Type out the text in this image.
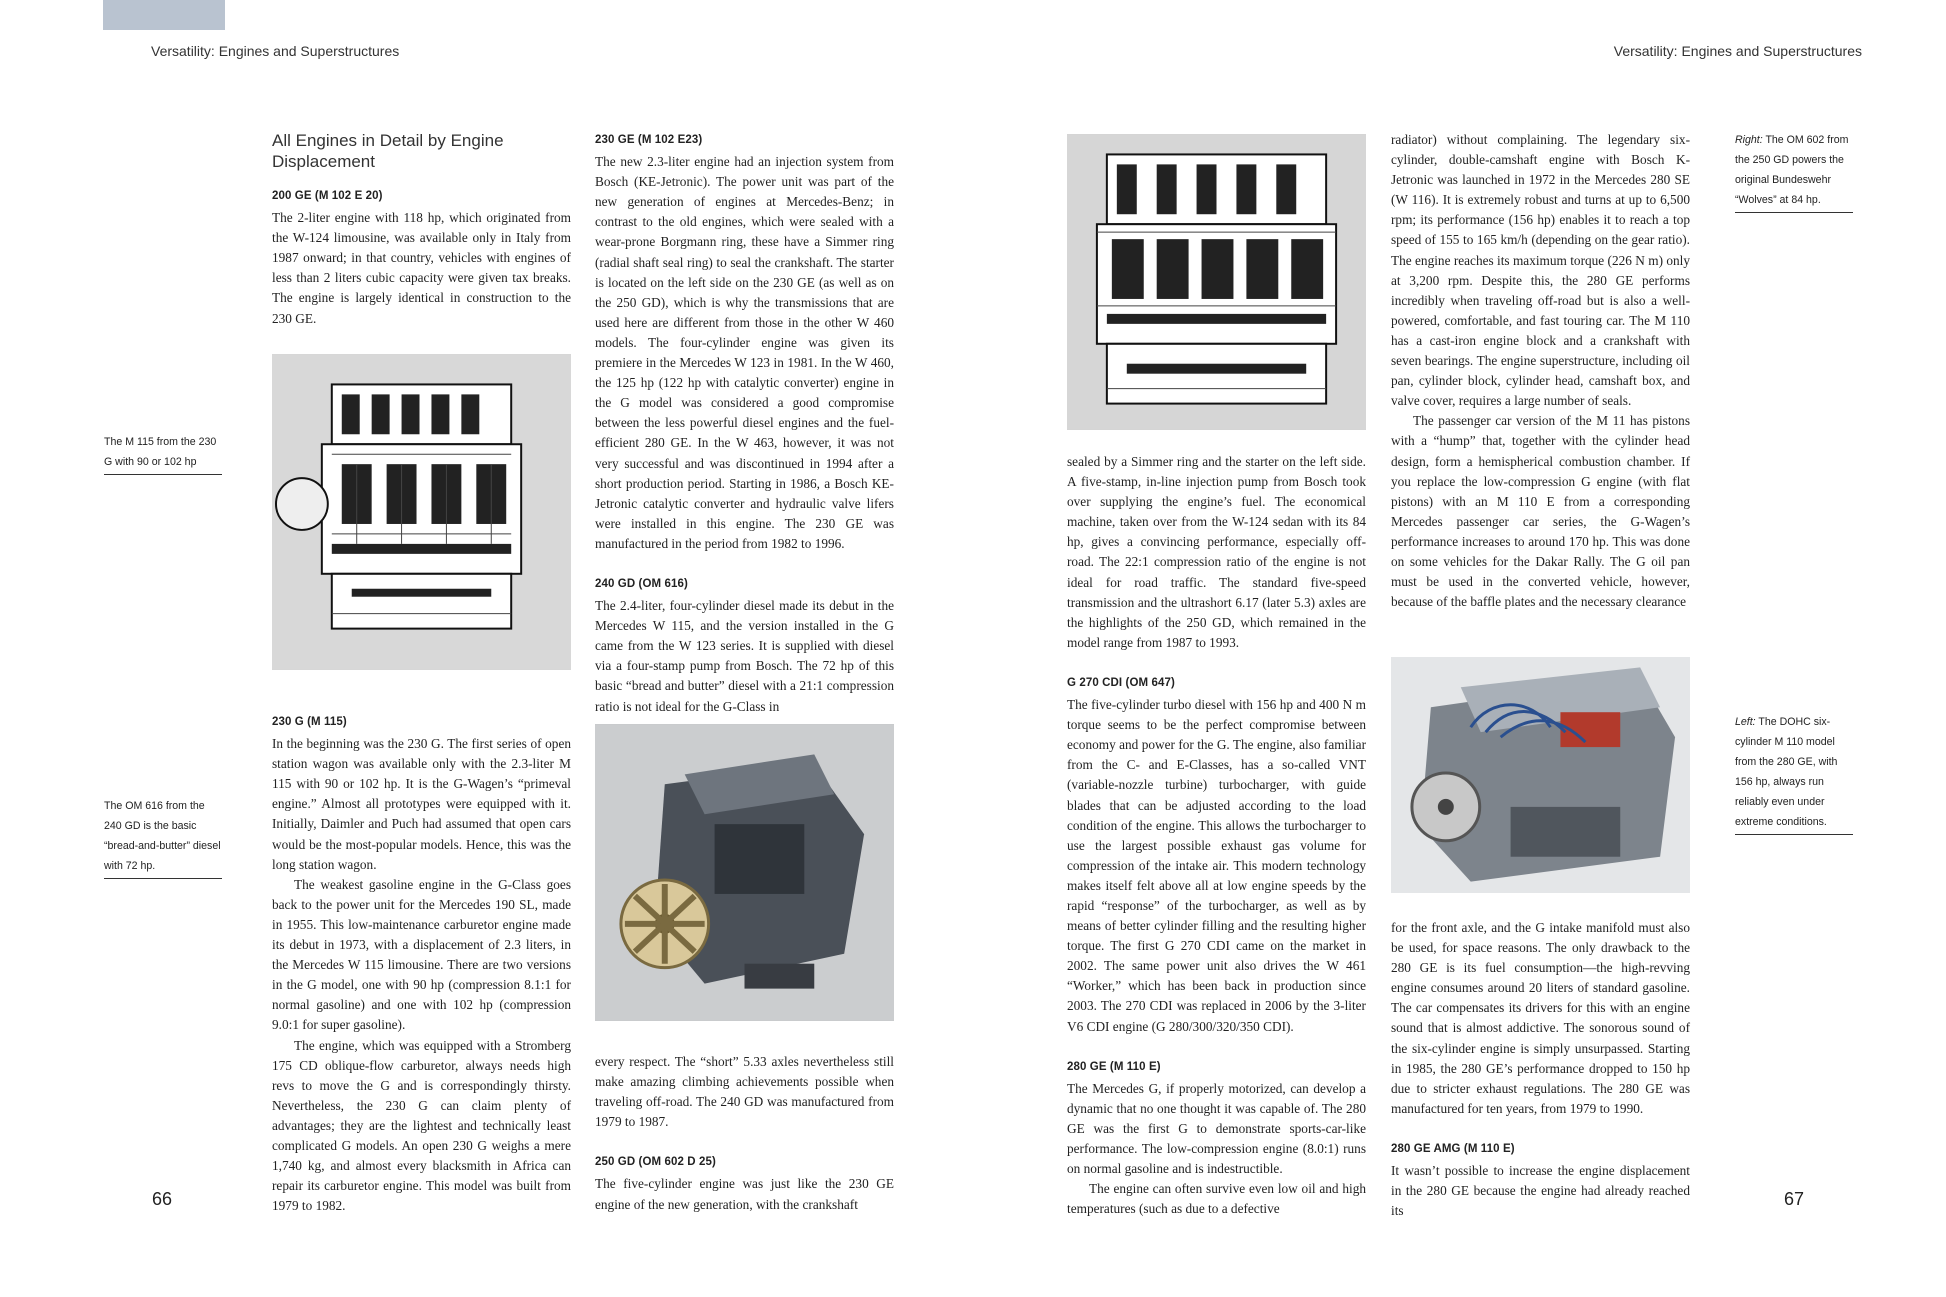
Versatility: Engines and Superstructures	Versatility: Engines and Superstructures
66	67
The M 115 from the 230 G with 90 or 102 hp
The OM 616 from the 240 GD is the basic “bread-and-butter” diesel with 72 hp.
Right: The OM 602 from the 250 GD powers the original Bundeswehr “Wolves” at 84 hp.
Left: The DOHC six-cylinder M 110 model from the 280 GE, with 156 hp, always run reliably even under extreme conditions.
All Engines in Detail by Engine Displacement
200 GE (M 102 E 20)

The 2-liter engine with 118 hp, which originated from the W-124 limousine, was available only in Italy from 1987 onward; in that country, vehicles with engines of less than 2 liters cubic capacity were given tax breaks. The engine is largely identical in construction to the 230 GE.

230 G (M 115)

In the beginning was the 230 G. The first series of open station wagon was available only with the 2.3-liter M 115 with 90 or 102 hp. It is the G-Wagen’s “primeval engine.” Almost all prototypes were equipped with it. Initially, Daimler and Puch had assumed that open cars would be the most-popular models. Hence, this was the long station wagon.

The weakest gasoline engine in the G-Class goes back to the power unit for the Mercedes 190 SL, made in 1955. This low-maintenance carburetor engine made its debut in 1973, with a displacement of 2.3 liters, in the Mercedes W 115 limousine. There are two versions in the G model, one with 90 hp (compression 8.1:1 for normal gasoline) and one with 102 hp (compression 9.0:1 for super gasoline).

The engine, which was equipped with a Stromberg 175 CD oblique-flow carburetor, always needs high revs to move the G and is correspondingly thirsty. Nevertheless, the 230 G can claim plenty of advantages; they are the lightest and technically least complicated G models. An open 230 G weighs a mere 1,740 kg, and almost every blacksmith in Africa can repair its carburetor engine. This model was built from 1979 to 1982.

230 GE (M 102 E23)

The new 2.3-liter engine had an injection system from Bosch (KE-Jetronic). The power unit was part of the new generation of engines at Mercedes-Benz; in contrast to the old engines, which were sealed with a wear-prone Borgmann ring, these have a Simmer ring (radial shaft seal ring) to seal the crankshaft. The starter is located on the left side on the 230 GE (as well as on the 250 GD), which is why the transmissions that are used here are different from those in the other W 460 models. The four-cylinder engine was given its premiere in the Mercedes W 123 in 1981. In the W 460, the 125 hp (122 hp with catalytic converter) engine in the G model was considered a good compromise between the less powerful diesel engines and the fuel-efficient 280 GE. In the W 463, however, it was not very successful and was discontinued in 1994 after a short production period. Starting in 1986, a Bosch KE-Jetronic catalytic converter and hydraulic valve lifers were installed in this engine. The 230 GE was manufactured in the period from 1982 to 1996.

240 GD (OM 616)

The 2.4-liter, four-cylinder diesel made its debut in the Mercedes W 115, and the version installed in the G came from the W 123 series. It is supplied with diesel via a four-stamp pump from Bosch. The 72 hp of this basic “bread and butter” diesel with a 21:1 compression ratio is not ideal for the G-Class in

every respect. The “short” 5.33 axles nevertheless still make amazing climbing achievements possible when traveling off-road. The 240 GD was manufactured from 1979 to 1987.

250 GD (OM 602 D 25)

The five-cylinder engine was just like the 230 GE engine of the new generation, with the crankshaft

sealed by a Simmer ring and the starter on the left side. A five-stamp, in-line injection pump from Bosch took over supplying the engine’s fuel. The economical machine, taken over from the W-124 sedan with its 84 hp, gives a convincing performance, especially off-road. The 22:1 compression ratio of the engine is not ideal for road traffic. The standard five-speed transmission and the ultrashort 6.17 (later 5.3) axles are the highlights of the 250 GD, which remained in the model range from 1987 to 1993.

G 270 CDI (OM 647)

The five-cylinder turbo diesel with 156 hp and 400 N m torque seems to be the perfect compromise between economy and power for the G. The engine, also familiar from the C- and E-Classes, has a so-called VNT (variable-nozzle turbine) turbocharger, with guide blades that can be adjusted according to the load condition of the engine. This allows the turbocharger to use the largest possible exhaust gas volume for compression of the intake air. This modern technology makes itself felt above all at low engine speeds by the rapid “response” of the turbocharger, as well as by means of better cylinder filling and the resulting higher torque. The first G 270 CDI came on the market in 2002. The same power unit also drives the W 461 “Worker,” which has been back in production since 2003. The 270 CDI was replaced in 2006 by the 3-liter V6 CDI engine (G 280/300/320/350 CDI).

280 GE (M 110 E)

The Mercedes G, if properly motorized, can develop a dynamic that no one thought it was capable of. The 280 GE was the first G to demonstrate sports-car-like performance. The low-compression engine (8.0:1) runs on normal gasoline and is indestructible.

The engine can often survive even low oil and high temperatures (such as due to a defective

radiator) without complaining. The legendary six-cylinder, double-camshaft engine with Bosch K-Jetronic was launched in 1972 in the Mercedes 280 SE (W 116). It is extremely robust and turns at up to 6,500 rpm; its performance (156 hp) enables it to reach a top speed of 155 to 165 km/h (depending on the gear ratio). The engine reaches its maximum torque (226 N m) only at 3,200 rpm. Despite this, the 280 GE performs incredibly when traveling off-road but is also a well-powered, comfortable, and fast touring car. The M 110 has a cast-iron engine block and a crankshaft with seven bearings. The engine superstructure, including oil pan, cylinder block, cylinder head, camshaft box, and valve cover, requires a large number of seals.

The passenger car version of the M 11 has pistons with a “hump” that, together with the cylinder head design, form a hemispherical combustion chamber. If you replace the low-compression G engine (with flat pistons) with an M 110 E from a corresponding Mercedes passenger car series, the G-Wagen’s performance increases to around 170 hp. This was done on some vehicles for the Dakar Rally. The G oil pan must be used in the converted vehicle, however, because of the baffle plates and the necessary clearance

for the front axle, and the G intake manifold must also be used, for space reasons. The only drawback to the 280 GE is its fuel consumption—the high-revving engine consumes around 20 liters of standard gasoline. The car compensates its drivers for this with an engine sound that is almost addictive. The sonorous sound of the six-cylinder engine is simply unsurpassed. Starting in 1985, the 280 GE’s performance dropped to 150 hp due to stricter exhaust regulations. The 280 GE was manufactured for ten years, from 1979 to 1990.

280 GE AMG (M 110 E)

It wasn’t possible to increase the engine displacement in the 280 GE because the engine had already reached its
